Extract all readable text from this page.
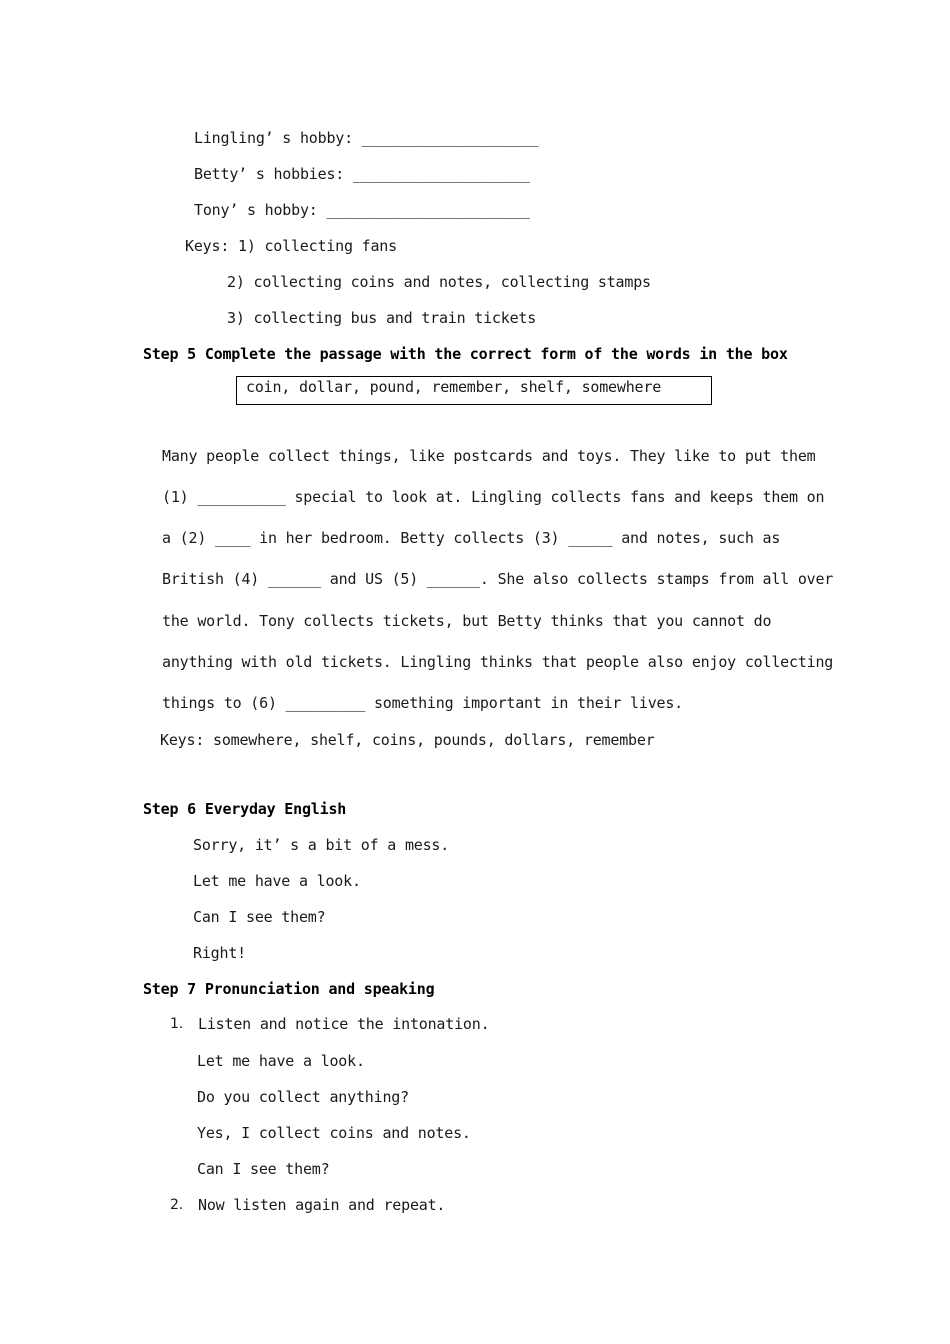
Lingling’ s hobby: ____________________
Betty’ s hobbies: ____________________
Tony’ s hobby: _______________________
Keys: 1) collecting fans
2) collecting coins and notes, collecting stamps
3) collecting bus and train tickets
Step 5 Complete the passage with the correct form of the words in the box
coin, dollar, pound, remember, shelf, somewhere
Many people collect things, like postcards and toys. They like to put them
(1) __________ special to look at. Lingling collects fans and keeps them on
a (2) ____ in her bedroom. Betty collects (3) _____ and notes, such as
British (4) ______ and US (5) ______. She also collects stamps from all over
the world. Tony collects tickets, but Betty thinks that you cannot do
anything with old tickets. Lingling thinks that people also enjoy collecting
things to (6) _________ something important in their lives.
Keys: somewhere, shelf, coins, pounds, dollars, remember
Step 6 Everyday English
Sorry, it’ s a bit of a mess.
Let me have a look.
Can I see them?
Right!
Step 7 Pronunciation and speaking
1. Listen and notice the intonation.
Let me have a look.
Do you collect anything?
Yes, I collect coins and notes.
Can I see them?
2. Now listen again and repeat.
